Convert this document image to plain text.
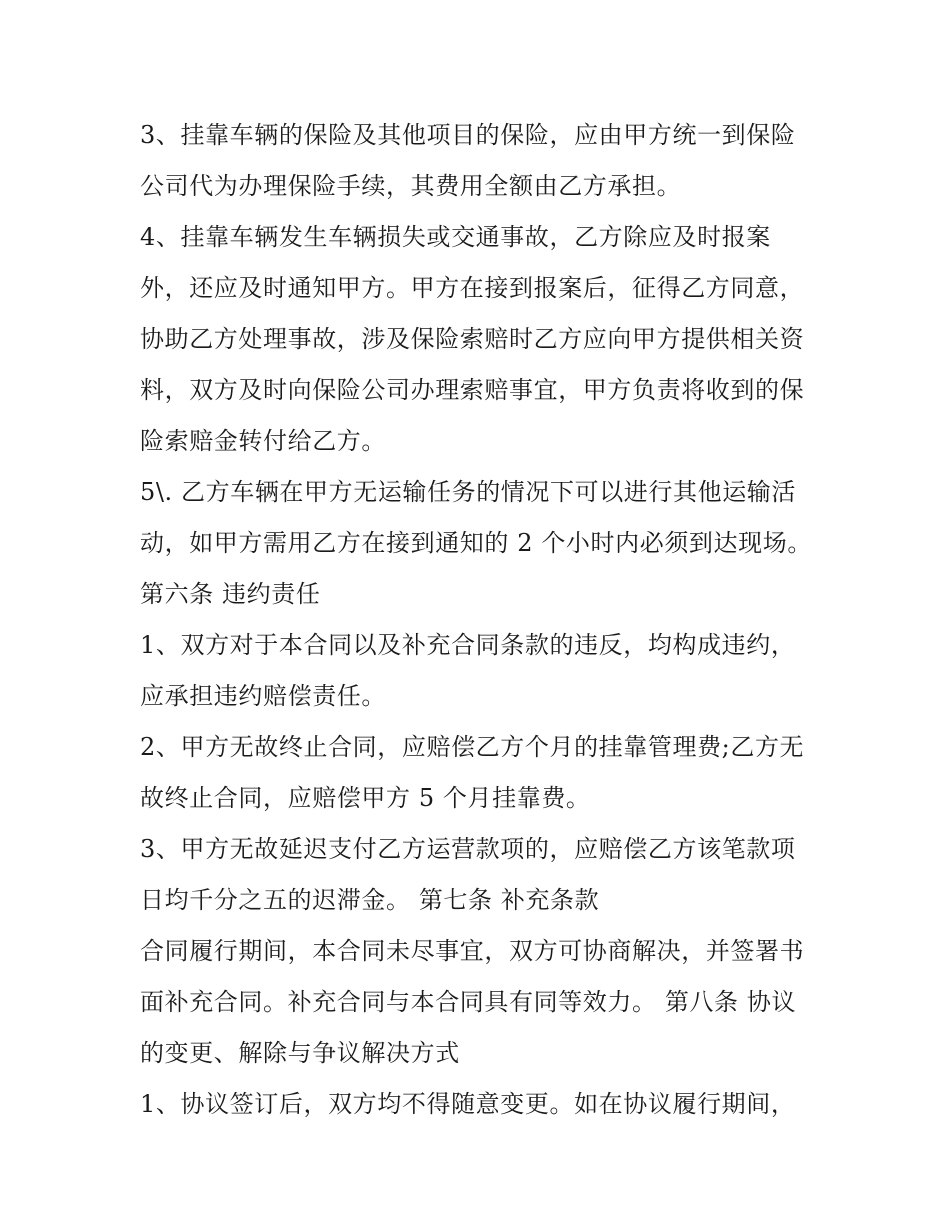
3、挂靠车辆的保险及其他项目的保险，应由甲方统一到保险
公司代为办理保险手续，其费用全额由乙方承担。
4、挂靠车辆发生车辆损失或交通事故，乙方除应及时报案
外，还应及时通知甲方。甲方在接到报案后，征得乙方同意，
协助乙方处理事故，涉及保险索赔时乙方应向甲方提供相关资
料，双方及时向保险公司办理索赔事宜，甲方负责将收到的保
险索赔金转付给乙方。
5\. 乙方车辆在甲方无运输任务的情况下可以进行其他运输活
动，如甲方需用乙方在接到通知的 2 个小时内必须到达现场。
第六条 违约责任
1、双方对于本合同以及补充合同条款的违反，均构成违约，
应承担违约赔偿责任。
2、甲方无故终止合同，应赔偿乙方个月的挂靠管理费;乙方无
故终止合同，应赔偿甲方 5 个月挂靠费。
3、甲方无故延迟支付乙方运营款项的，应赔偿乙方该笔款项
日均千分之五的迟滞金。 第七条 补充条款
合同履行期间，本合同未尽事宜，双方可协商解决，并签署书
面补充合同。补充合同与本合同具有同等效力。 第八条 协议
的变更、解除与争议解决方式
1、协议签订后，双方均不得随意变更。如在协议履行期间，
